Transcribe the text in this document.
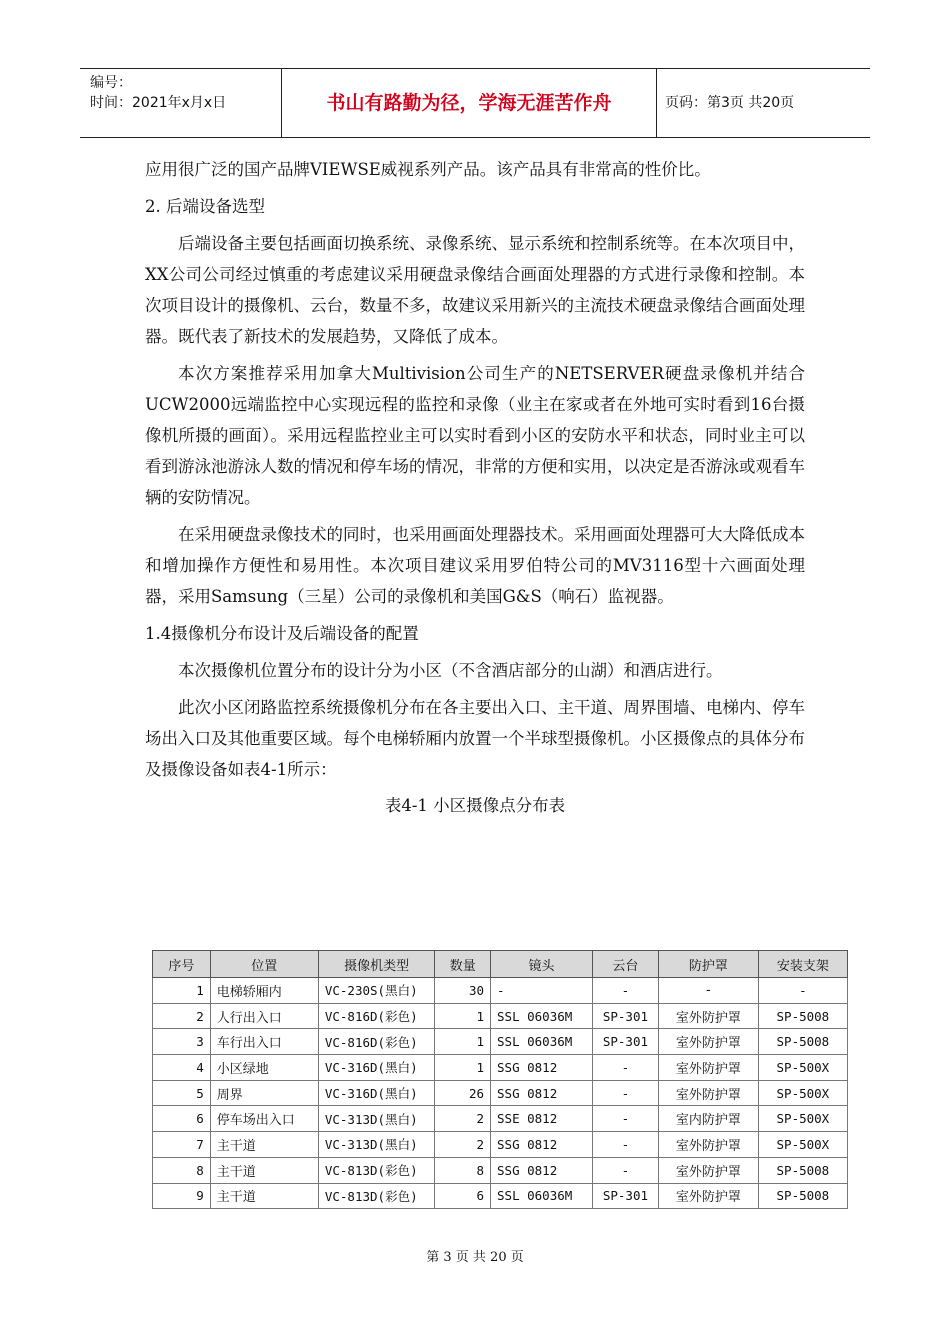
编号：
时间：2021年x月x日	书山有路勤为径，学海无涯苦作舟	页码：第3页 共20页

应用很广泛的国产品牌VIEWSE威视系列产品。该产品具有非常高的性价比。

2. 后端设备选型

后端设备主要包括画面切换系统、录像系统、显示系统和控制系统等。在本次项目中，XX公司公司经过慎重的考虑建议采用硬盘录像结合画面处理器的方式进行录像和控制。本次项目设计的摄像机、云台，数量不多，故建议采用新兴的主流技术硬盘录像结合画面处理器。既代表了新技术的发展趋势，又降低了成本。

本次方案推荐采用加拿大Multivision公司生产的NETSERVER硬盘录像机并结合UCW2000远端监控中心实现远程的监控和录像（业主在家或者在外地可实时看到16台摄像机所摄的画面）。采用远程监控业主可以实时看到小区的安防水平和状态，同时业主可以看到游泳池游泳人数的情况和停车场的情况，非常的方便和实用，以决定是否游泳或观看车辆的安防情况。

在采用硬盘录像技术的同时，也采用画面处理器技术。采用画面处理器可大大降低成本和增加操作方便性和易用性。本次项目建议采用罗伯特公司的MV3116型十六画面处理器，采用Samsung（三星）公司的录像机和美国G&S（响石）监视器。

1.4摄像机分布设计及后端设备的配置

本次摄像机位置分布的设计分为小区（不含酒店部分的山湖）和酒店进行。

此次小区闭路监控系统摄像机分布在各主要出入口、主干道、周界围墙、电梯内、停车场出入口及其他重要区域。每个电梯轿厢内放置一个半球型摄像机。小区摄像点的具体分布及摄像设备如表4-1所示：

表4-1 小区摄像点分布表
序号	位置	摄像机类型	数量	镜头	云台	防护罩	安装支架
1	电梯轿厢内	VC-230S(黑白)	30	-	-	-	-
2	人行出入口	VC-816D(彩色)	1	SSL 06036M	SP-301	室外防护罩	SP-5008
3	车行出入口	VC-816D(彩色)	1	SSL 06036M	SP-301	室外防护罩	SP-5008
4	小区绿地	VC-316D(黑白)	1	SSG 0812	-	室外防护罩	SP-500X
5	周界	VC-316D(黑白)	26	SSG 0812	-	室外防护罩	SP-500X
6	停车场出入口	VC-313D(黑白)	2	SSE 0812	-	室内防护罩	SP-500X
7	主干道	VC-313D(黑白)	2	SSG 0812	-	室外防护罩	SP-500X
8	主干道	VC-813D(彩色)	8	SSG 0812	-	室外防护罩	SP-5008
9	主干道	VC-813D(彩色)	6	SSL 06036M	SP-301	室外防护罩	SP-5008
第 3 页 共 20 页
